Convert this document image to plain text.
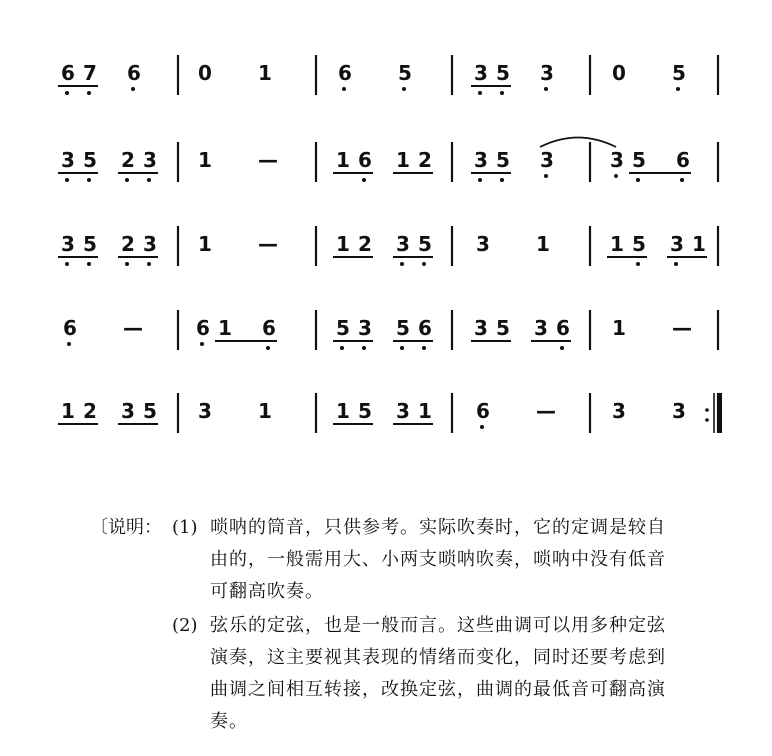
6 7 6	0 1	6 5	3 5 3	0 5
3 5 2 3 1 —	1 6 1 2 3 5 3	3 5 6
3 5 2 3 1 —	1 2 3 5 3 1	1 5 3 1
6 —	6 1 6	5 3 5 6 3 5 3 6 1 —
1 2 3 5 3 1	1 5 3 1 6 —	3 3
〔说明： (1) 唢呐的筒音，只供参考。实际吹奏时，它的定调是较自
由的，一般需用大、小两支唢呐吹奏，唢呐中没有低音
可翻高吹奏。
(2) 弦乐的定弦，也是一般而言。这些曲调可以用多种定弦
演奏，这主要视其表现的情绪而变化，同时还要考虑到
曲调之间相互转接，改换定弦，曲调的最低音可翻高演
奏。
